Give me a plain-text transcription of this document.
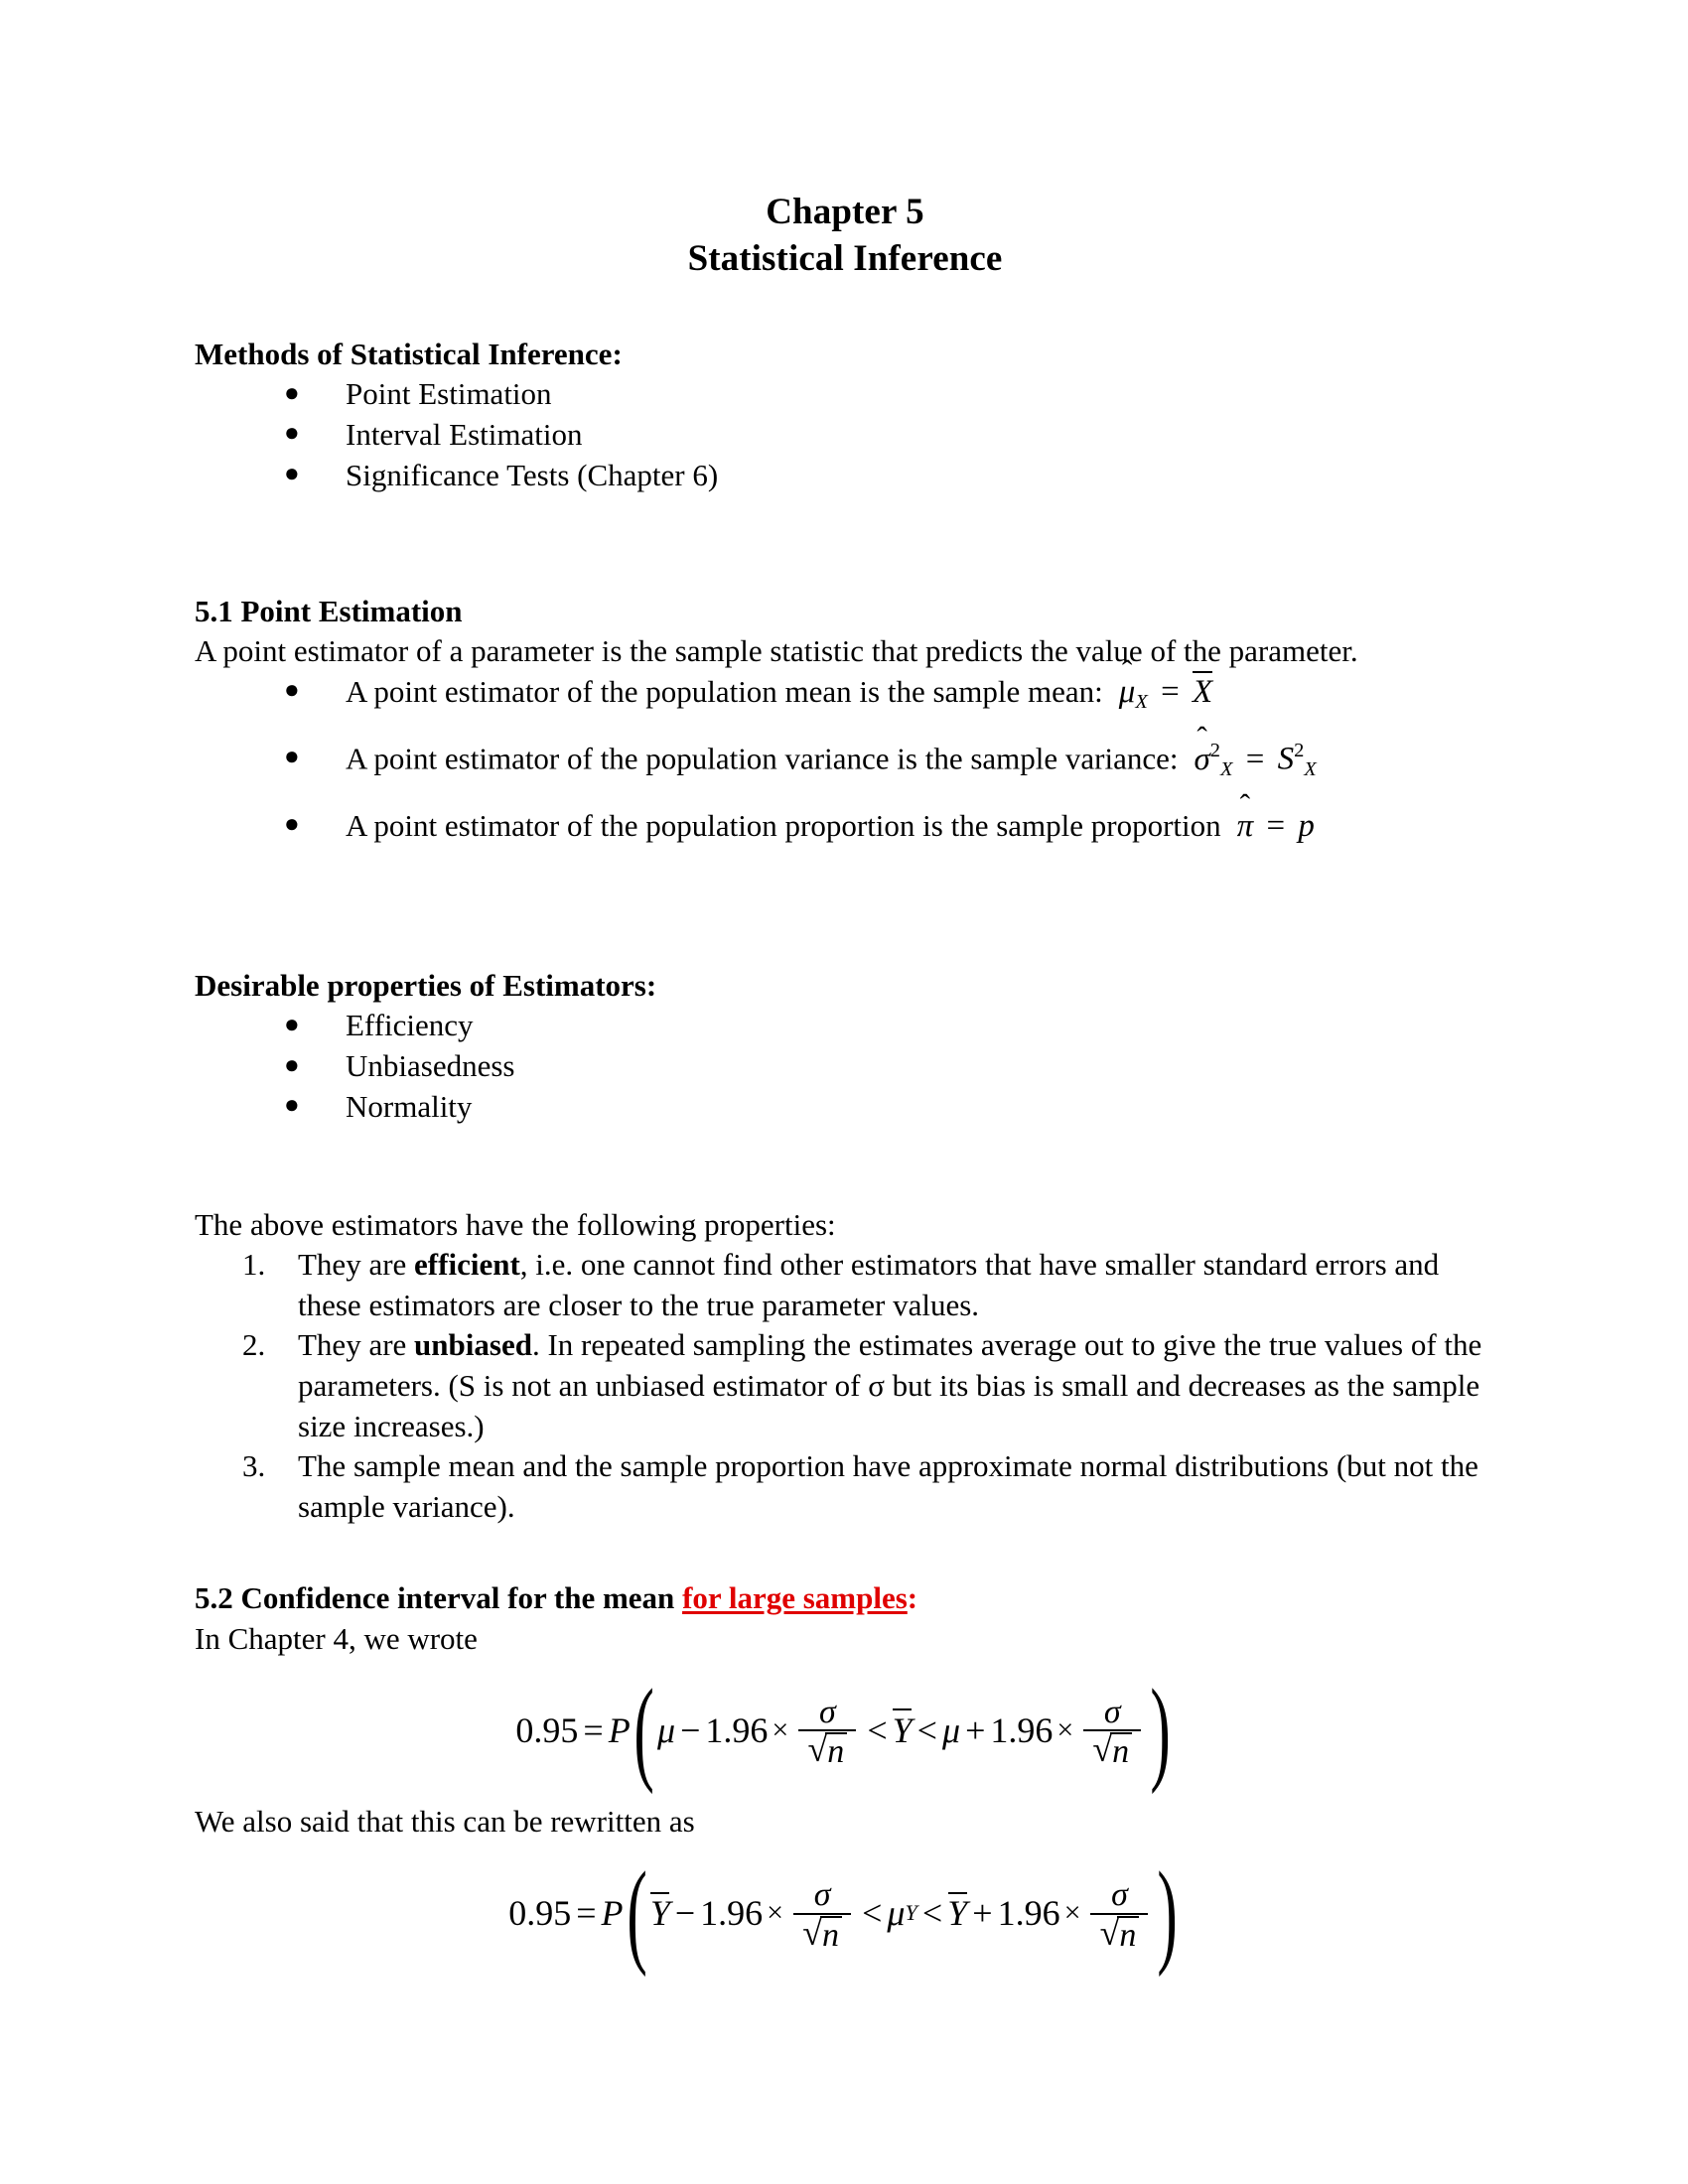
Chapter 5
Statistical Inference
Methods of Statistical Inference:
● Point Estimation
● Interval Estimation
● Significance Tests (Chapter 6)
5.1 Point Estimation
A point estimator of a parameter is the sample statistic that predicts the value of the parameter.
● A point estimator of the population mean is the sample mean: μX = X
● A point estimator of the population variance is the sample variance: σ2X = S2X
● A point estimator of the population proportion is the sample proportion π = p
Desirable properties of Estimators:
● Efficiency
● Unbiasedness
● Normality
The above estimators have the following properties:
1. They are efficient, i.e. one cannot find other estimators that have smaller standard errors and these estimators are closer to the true parameter values.
2. They are unbiased. In repeated sampling the estimates average out to give the true values of the parameters. (S is not an unbiased estimator of σ but its bias is small and decreases as the sample size increases.)
3. The sample mean and the sample proportion have approximate normal distributions (but not the sample variance).
5.2 Confidence interval for the mean for large samples:
In Chapter 4, we wrote
0.95 = P ( $\mu - 1.96 \times \frac{\sigma}{√ n} < Y < \mu + 1.96 \times \frac{\sigma}{√ n}$ )
We also said that this can be rewritten as
0.95 = P ( $Y - 1.96 \times \frac{\sigma}{√ n} < \mu$ $Y < Y + 1.96 \times \frac{\sigma}{√ n}$ )
